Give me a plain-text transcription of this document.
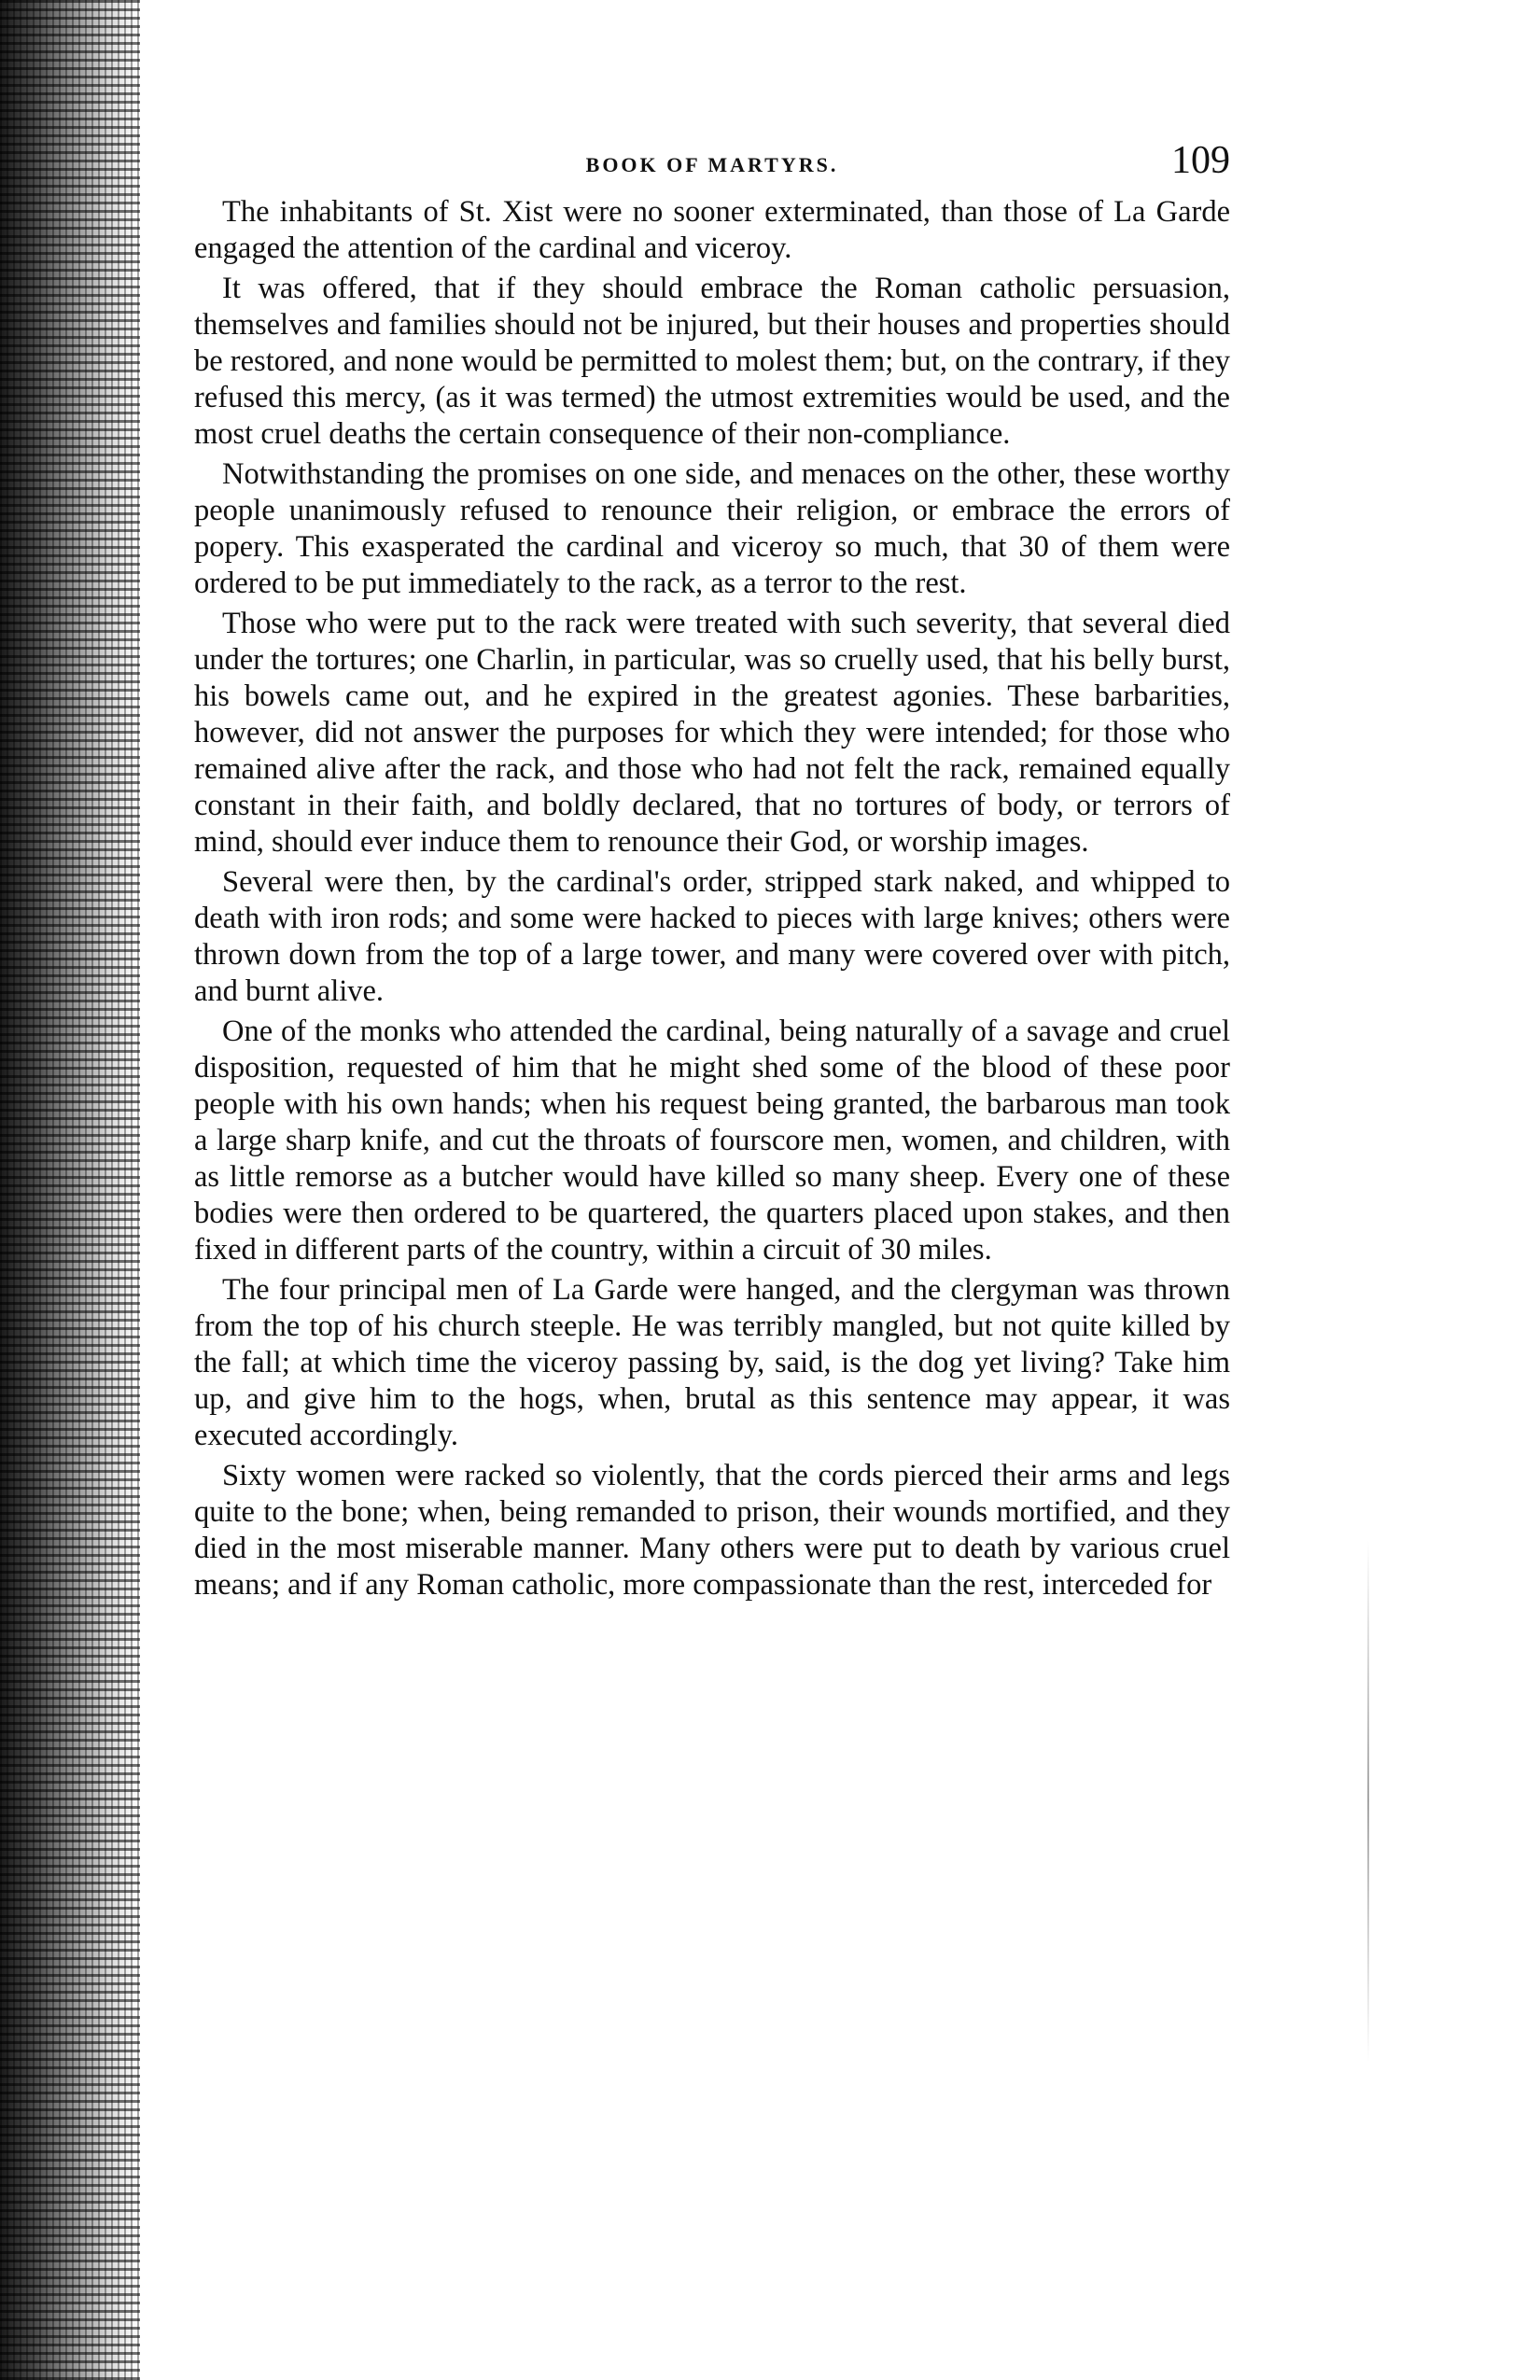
BOOK OF MARTYRS.	109

The inhabitants of St. Xist were no sooner exterminated, than those of La Garde engaged the attention of the cardinal and viceroy.

It was offered, that if they should embrace the Roman catholic persuasion, themselves and families should not be injured, but their houses and properties should be restored, and none would be permitted to molest them; but, on the contrary, if they refused this mercy, (as it was termed) the utmost extremities would be used, and the most cruel deaths the certain consequence of their non-compliance.

Notwithstanding the promises on one side, and menaces on the other, these worthy people unanimously refused to renounce their religion, or embrace the errors of popery. This exasperated the cardinal and viceroy so much, that 30 of them were ordered to be put immediately to the rack, as a terror to the rest.

Those who were put to the rack were treated with such severity, that several died under the tortures; one Charlin, in particular, was so cruelly used, that his belly burst, his bowels came out, and he expired in the greatest agonies. These barbarities, however, did not answer the purposes for which they were intended; for those who remained alive after the rack, and those who had not felt the rack, remained equally constant in their faith, and boldly declared, that no tortures of body, or terrors of mind, should ever induce them to renounce their God, or worship images.

Several were then, by the cardinal's order, stripped stark naked, and whipped to death with iron rods; and some were hacked to pieces with large knives; others were thrown down from the top of a large tower, and many were covered over with pitch, and burnt alive.

One of the monks who attended the cardinal, being naturally of a savage and cruel disposition, requested of him that he might shed some of the blood of these poor people with his own hands; when his request being granted, the barbarous man took a large sharp knife, and cut the throats of fourscore men, women, and children, with as little remorse as a butcher would have killed so many sheep. Every one of these bodies were then ordered to be quartered, the quarters placed upon stakes, and then fixed in different parts of the country, within a circuit of 30 miles.

The four principal men of La Garde were hanged, and the clergyman was thrown from the top of his church steeple. He was terribly mangled, but not quite killed by the fall; at which time the viceroy passing by, said, is the dog yet living? Take him up, and give him to the hogs, when, brutal as this sentence may appear, it was executed accordingly.

Sixty women were racked so violently, that the cords pierced their arms and legs quite to the bone; when, being remanded to prison, their wounds mortified, and they died in the most miserable manner. Many others were put to death by various cruel means; and if any Roman catholic, more compassionate than the rest, interceded for
